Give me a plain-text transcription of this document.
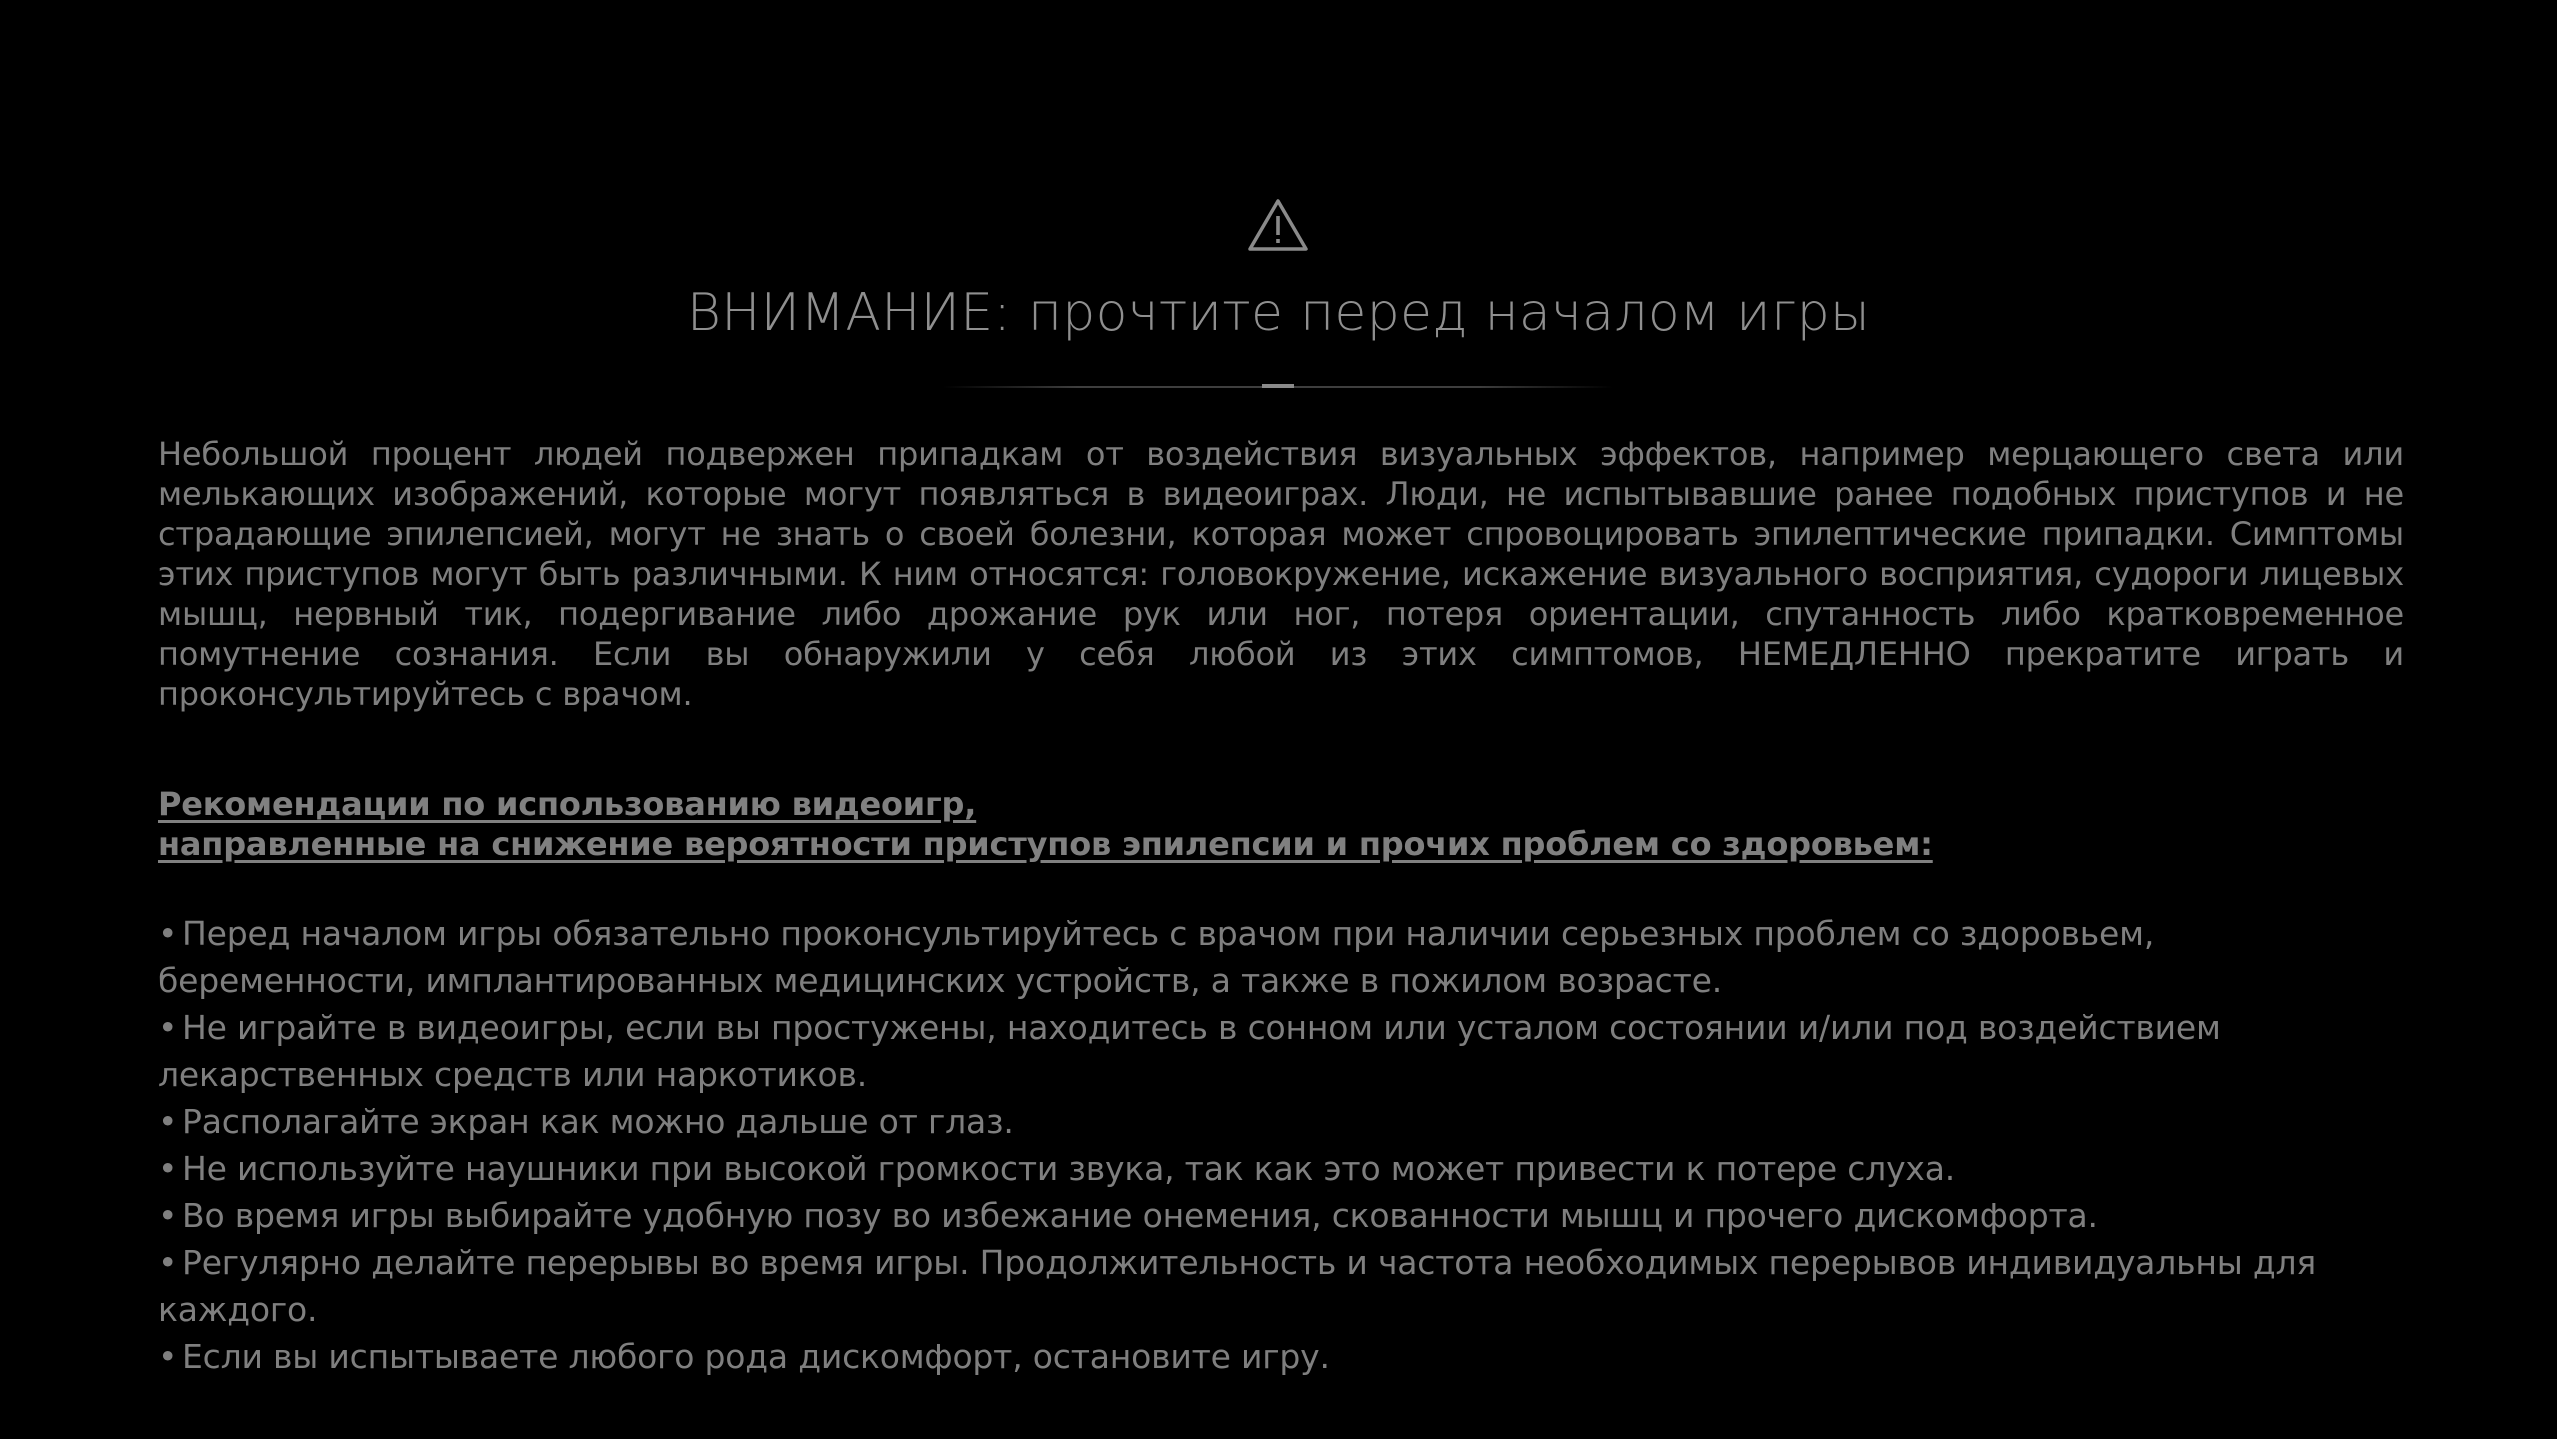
ВНИМАНИЕ: прочтите перед началом игры

Небольшой процент людей подвержен припадкам от воздействия визуальных эффектов, например мерцающего света или мелькающих изображений, которые могут появляться в видеоиграх. Люди, не испытывавшие ранее подобных приступов и не страдающие эпилепсией, могут не знать о своей болезни, которая может спровоцировать эпилептические припадки. Симптомы этих приступов могут быть различными. К ним относятся: головокружение, искажение визуального восприятия, судороги лицевых мышц, нервный тик, подергивание либо дрожание рук или ног, потеря ориентации, спутанность либо кратковременное помутнение сознания. Если вы обнаружили у себя любой из этих симптомов, НЕМЕДЛЕННО прекратите играть и проконсультируйтесь с врачом.

Рекомендации по использованию видеоигр,
направленные на снижение вероятности приступов эпилепсии и прочих проблем со здоровьем:
• Перед началом игры обязательно проконсультируйтесь с врачом при наличии серьезных проблем со здоровьем, беременности, имплантированных медицинских устройств, а также в пожилом возрасте.
• Не играйте в видеоигры, если вы простужены, находитесь в сонном или усталом состоянии и/или под воздействием лекарственных средств или наркотиков.
• Располагайте экран как можно дальше от глаз.
• Не используйте наушники при высокой громкости звука, так как это может привести к потере слуха.
• Во время игры выбирайте удобную позу во избежание онемения, скованности мышц и прочего дискомфорта.
• Регулярно делайте перерывы во время игры. Продолжительность и частота необходимых перерывов индивидуальны для каждого.
• Если вы испытываете любого рода дискомфорт, остановите игру.
